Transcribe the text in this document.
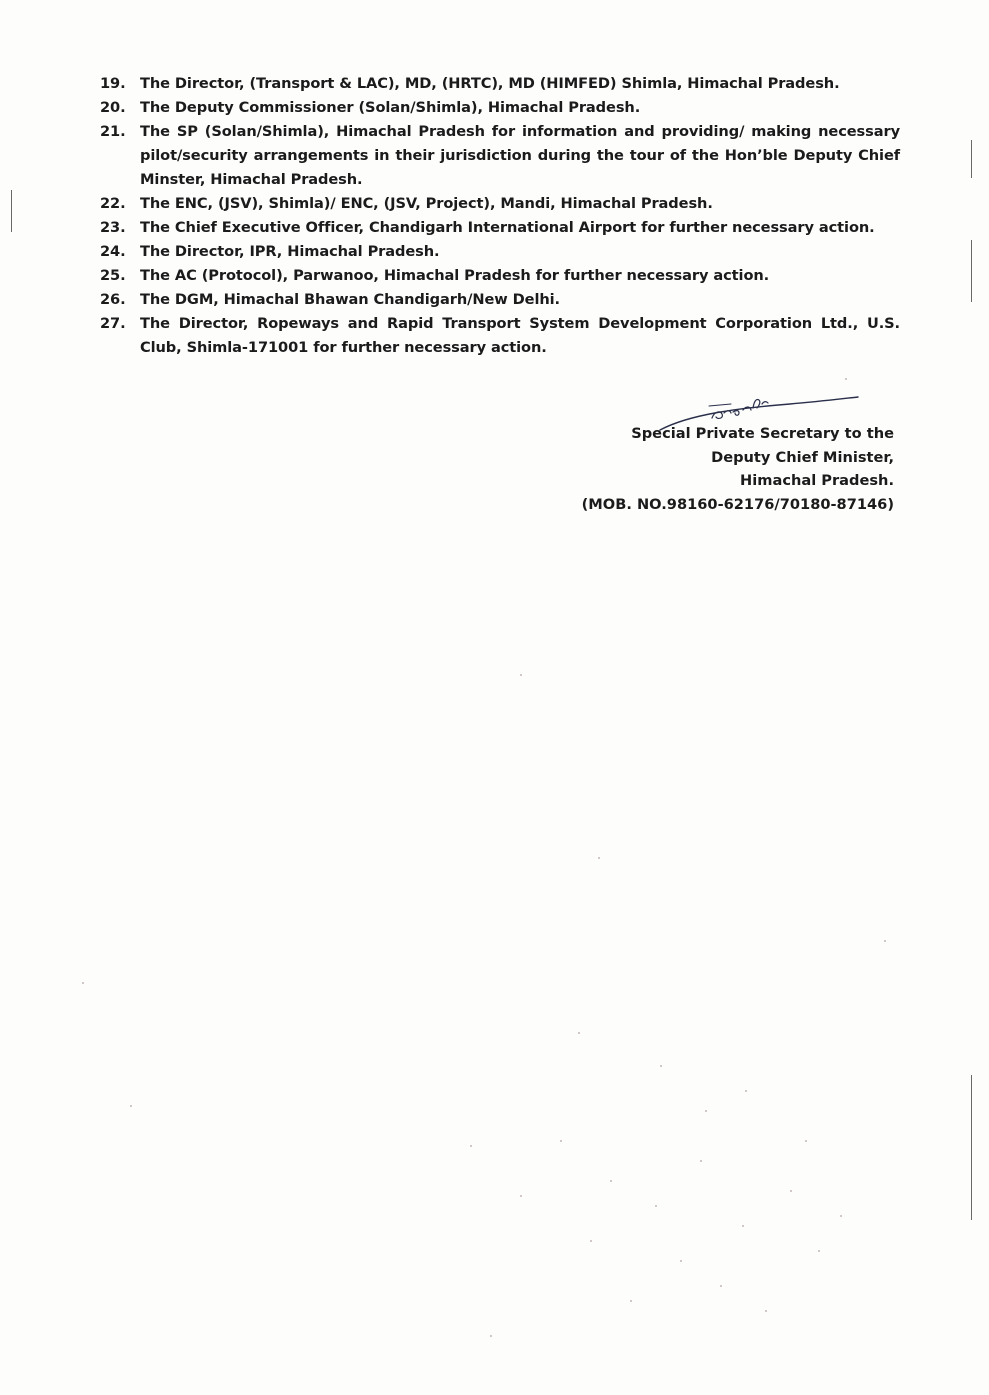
19. The Director, (Transport & LAC), MD, (HRTC), MD (HIMFED) Shimla, Himachal Pradesh.
20. The Deputy Commissioner (Solan/Shimla), Himachal Pradesh.
21. The SP (Solan/Shimla), Himachal Pradesh for information and providing/ making necessary pilot/security arrangements in their jurisdiction during the tour of the Hon’ble Deputy Chief Minster, Himachal Pradesh.
22. The ENC, (JSV), Shimla)/ ENC, (JSV, Project), Mandi, Himachal Pradesh.
23. The Chief Executive Officer, Chandigarh International Airport for further necessary action.
24. The Director, IPR, Himachal Pradesh.
25. The AC (Protocol), Parwanoo, Himachal Pradesh for further necessary action.
26. The DGM, Himachal Bhawan Chandigarh/New Delhi.
27. The Director, Ropeways and Rapid Transport System Development Corporation Ltd., U.S. Club, Shimla-171001 for further necessary action.
Special Private Secretary to the
Deputy Chief Minister,
Himachal Pradesh.
(MOB. NO.98160-62176/70180-87146)
